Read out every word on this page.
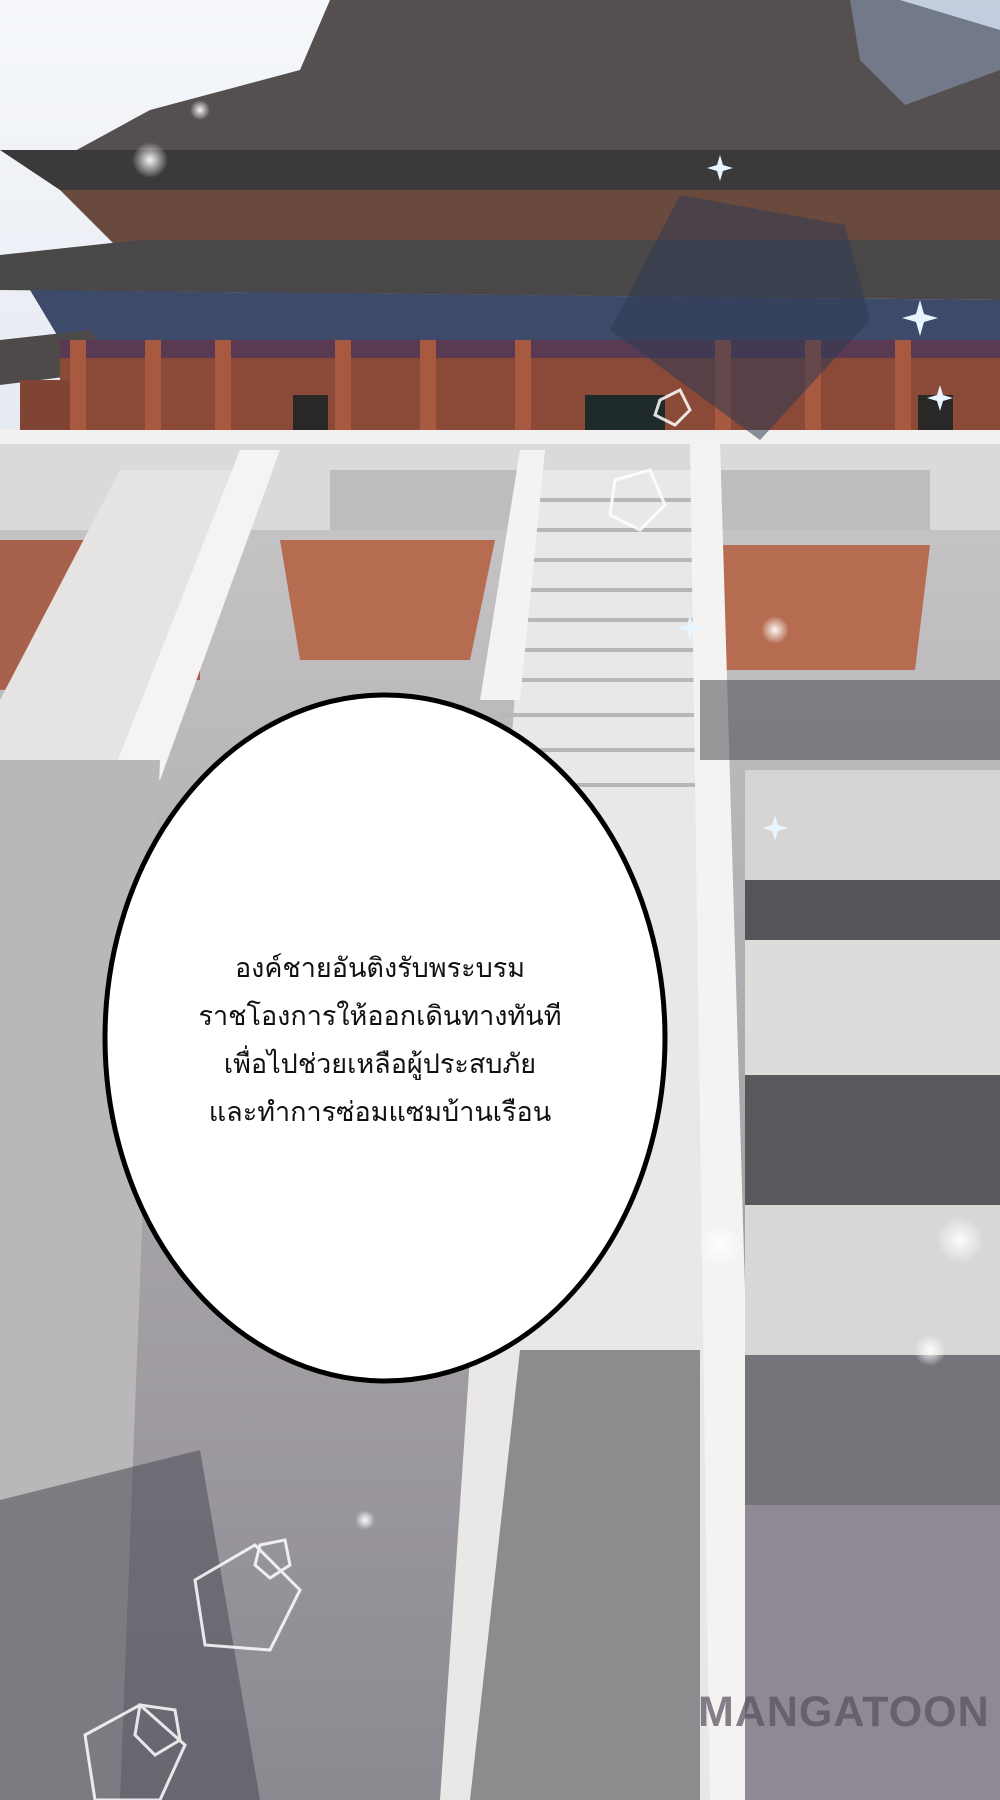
องค์ชายอันติงรับพระบรม
ราชโองการให้ออกเดินทางทันที
เพื่อไปช่วยเหลือผู้ประสบภัย
และทำการซ่อมแซมบ้านเรือน
MANGATOON
